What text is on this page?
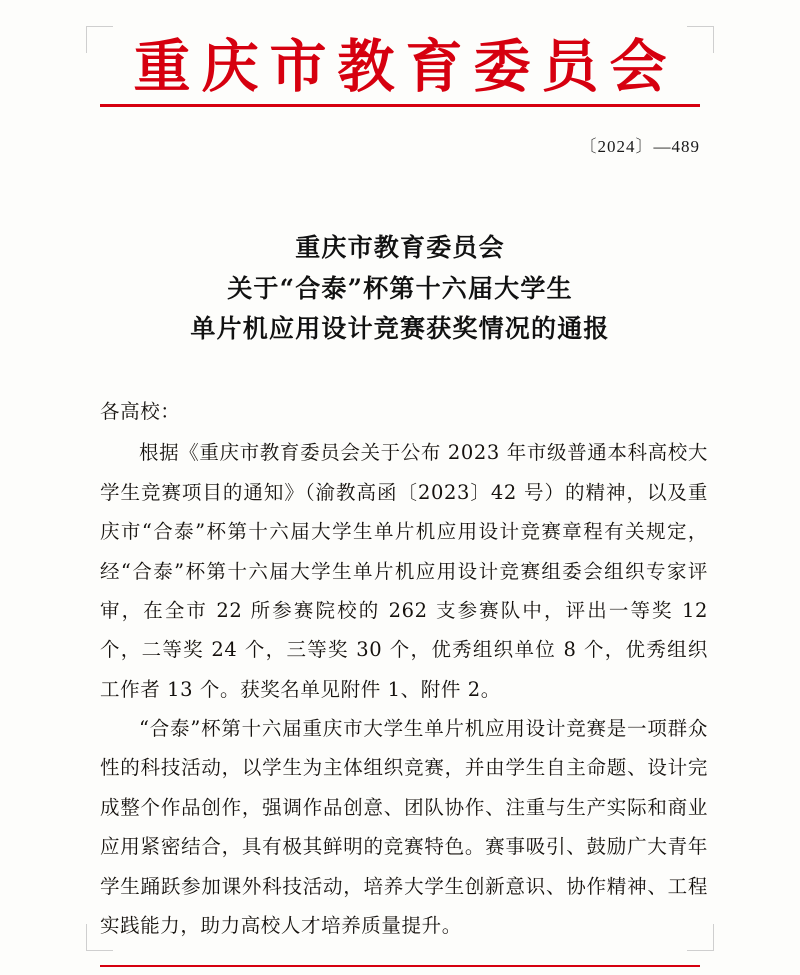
重庆市教育委员会
〔2024〕—489
重庆市教育委员会
关于“合泰”杯第十六届大学生
单片机应用设计竞赛获奖情况的通报

各高校：

根据《重庆市教育委员会关于公布 2023 年市级普通本科高校大学生竞赛项目的通知》（渝教高函〔2023〕42 号）的精神，以及重庆市“合泰”杯第十六届大学生单片机应用设计竞赛章程有关规定，经“合泰”杯第十六届大学生单片机应用设计竞赛组委会组织专家评审，在全市 22 所参赛院校的 262 支参赛队中，评出一等奖 12 个，二等奖 24 个，三等奖 30 个，优秀组织单位 8 个，优秀组织工作者 13 个。获奖名单见附件 1、附件 2。

“合泰”杯第十六届重庆市大学生单片机应用设计竞赛是一项群众性的科技活动，以学生为主体组织竞赛，并由学生自主命题、设计完成整个作品创作，强调作品创意、团队协作、注重与生产实际和商业应用紧密结合，具有极其鲜明的竞赛特色。赛事吸引、鼓励广大青年学生踊跃参加课外科技活动，培养大学生创新意识、协作精神、工程实践能力，助力高校人才培养质量提升。
